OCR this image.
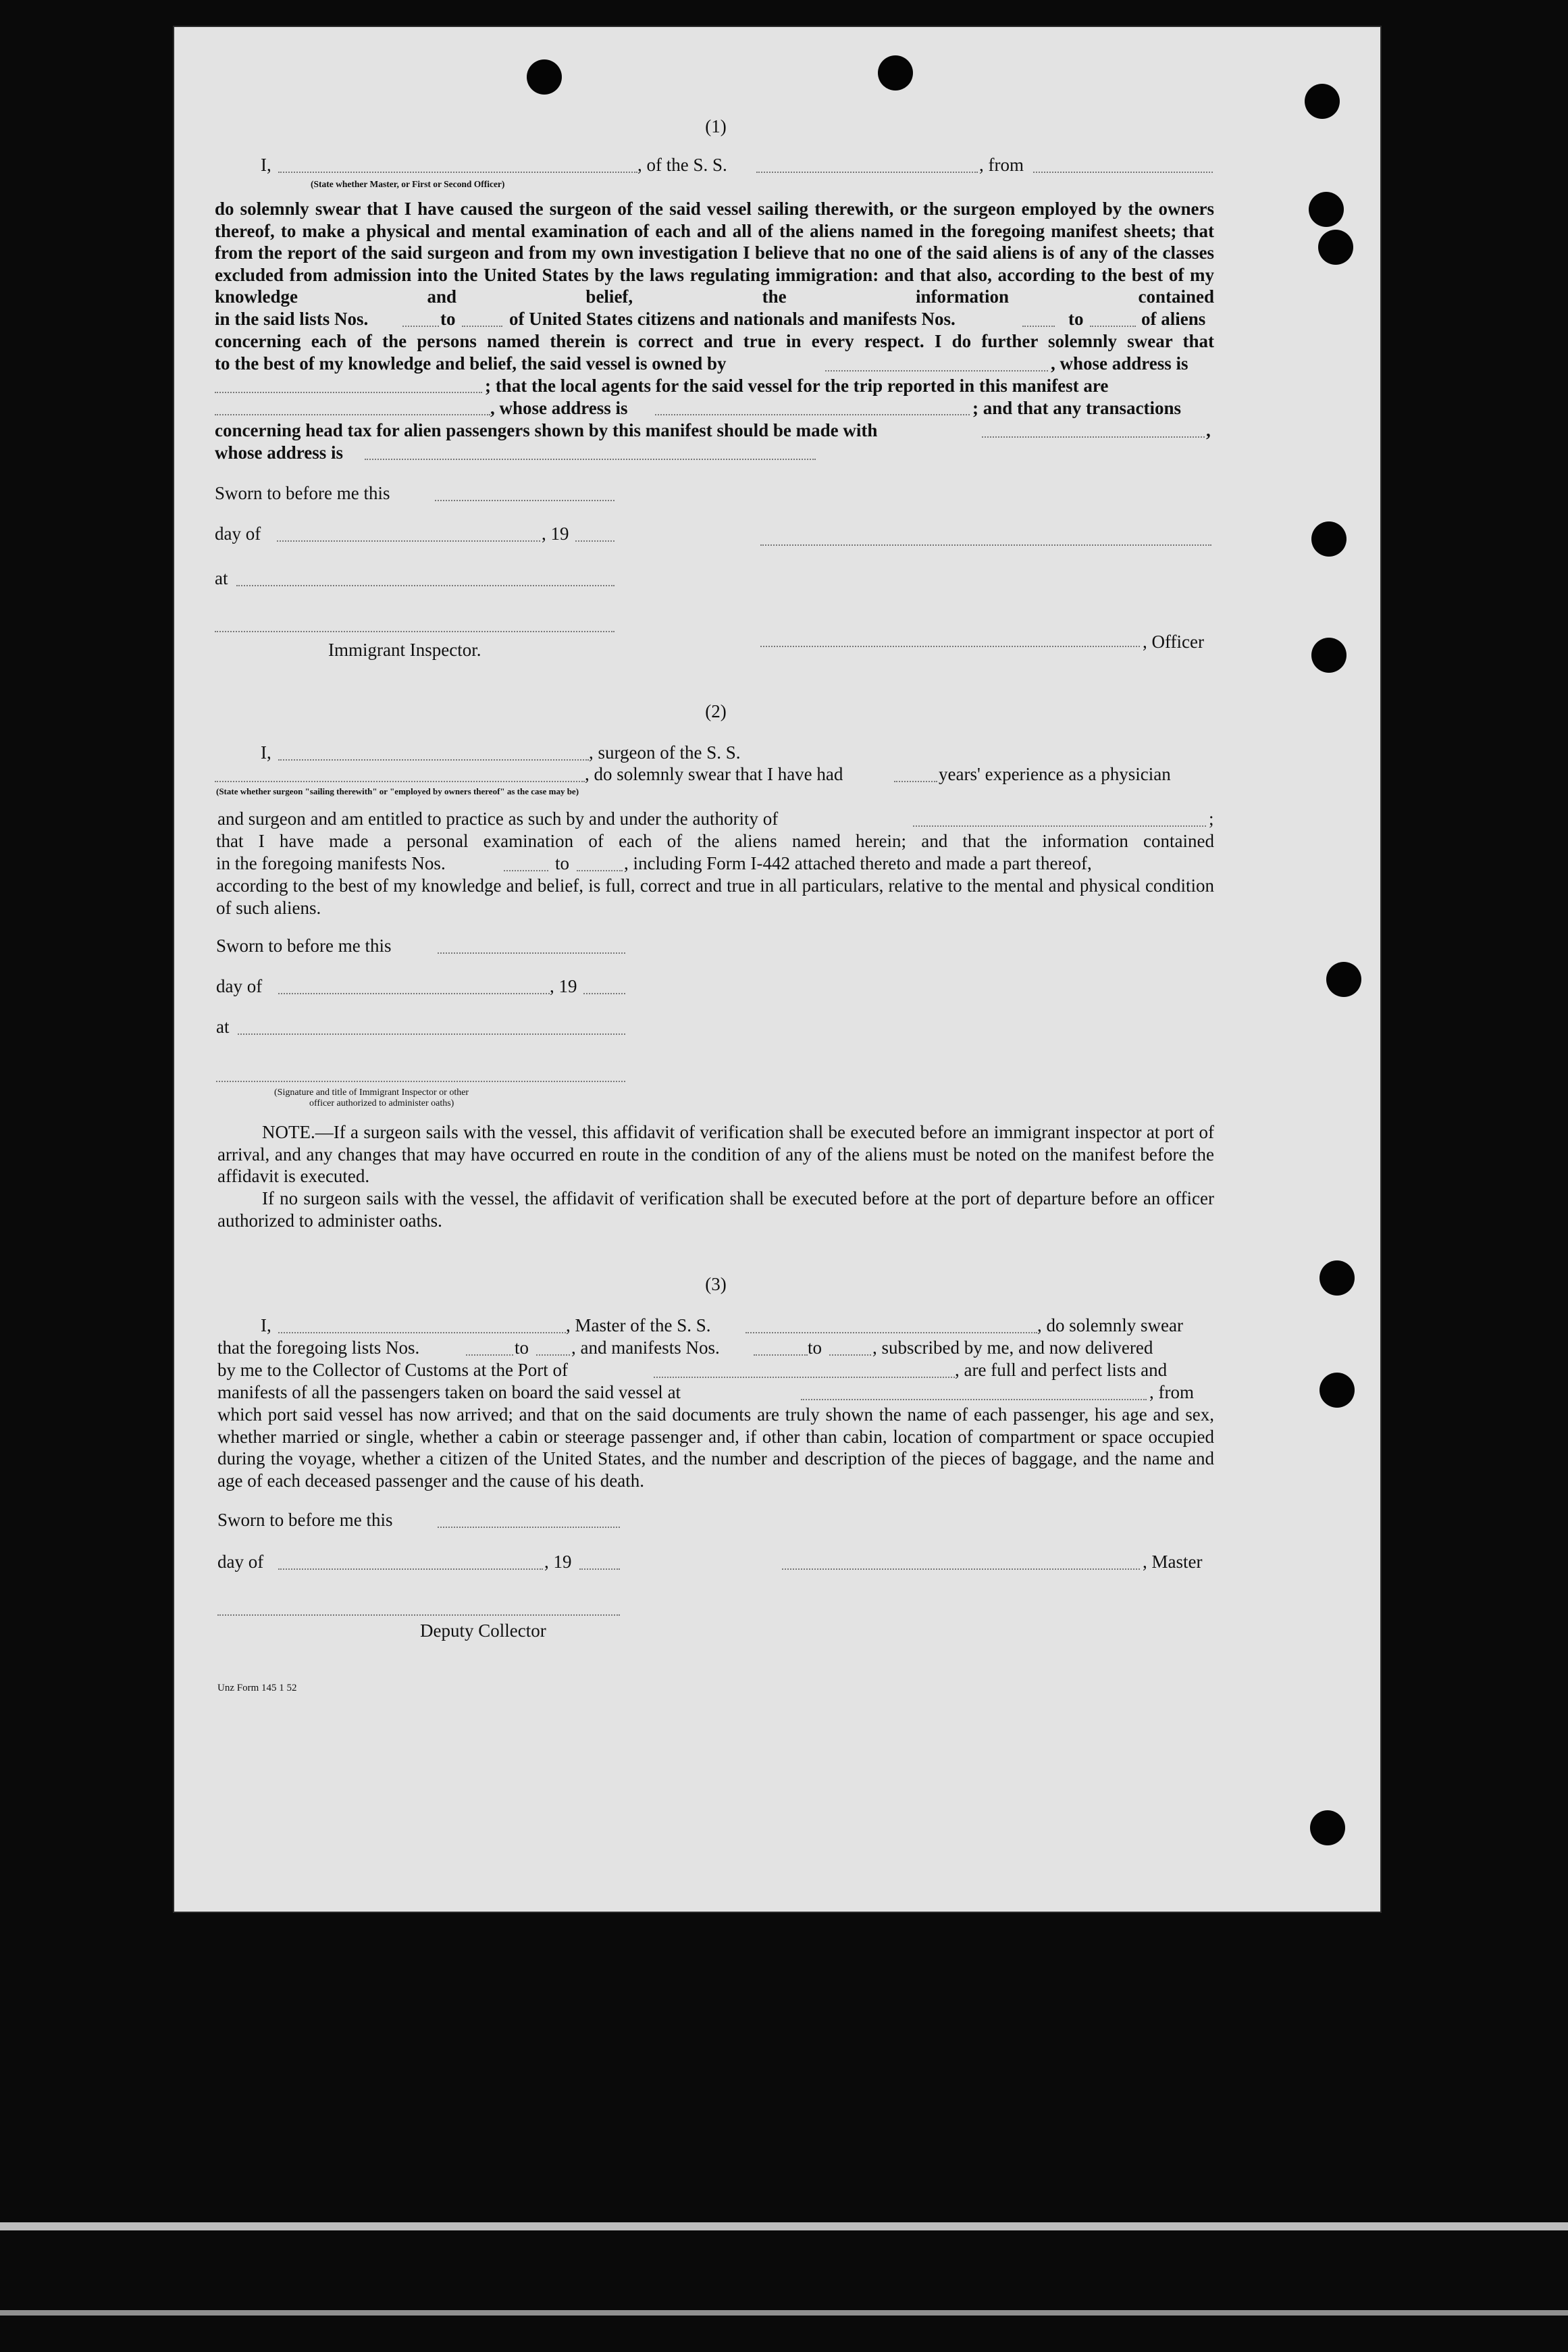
(1)
I,	, of the S. S.	, from
(State whether Master, or First or Second Officer)
do solemnly swear that I have caused the surgeon of the said vessel sailing therewith, or the surgeon employed by the owners thereof, to make a physical and mental examination of each and all of the aliens named in the foregoing manifest sheets; that from the report of the said surgeon and from my own investigation I believe that no one of the said aliens is of any of the classes excluded from admission into the United States by the laws regulating immigration: and that also, according to the best of my knowledge and belief, the information contained
in the said lists Nos.	to	of United States citizens and nationals and manifests Nos.	to	of aliens
concerning each of the persons named therein is correct and true in every respect. I do further solemnly swear that
to the best of my knowledge and belief, the said vessel is owned by	, whose address is
; that the local agents for the said vessel for the trip reported in this manifest are
, whose address is	; and that any transactions
concerning head tax for alien passengers shown by this manifest should be made with	,
whose address is
Sworn to before me this
day of	, 19
at
Immigrant Inspector.	, Officer
(2)
I,	, surgeon of the S. S.
, do solemnly swear that I have had	years' experience as a physician
(State whether surgeon "sailing therewith" or "employed by owners thereof" as the case may be)
and surgeon and am entitled to practice as such by and under the authority of	;
that I have made a personal examination of each of the aliens named herein; and that the information contained
in the foregoing manifests Nos.	to	, including Form I-442 attached thereto and made a part thereof,
according to the best of my knowledge and belief, is full, correct and true in all particulars, relative to the mental and physical condition of such aliens.
Sworn to before me this
day of	, 19
at
(Signature and title of Immigrant Inspector or other
officer authorized to administer oaths)
NOTE.—If a surgeon sails with the vessel, this affidavit of verification shall be executed before an immigrant inspector at port of arrival, and any changes that may have occurred en route in the condition of any of the aliens must be noted on the manifest before the affidavit is executed.
If no surgeon sails with the vessel, the affidavit of verification shall be executed before at the port of departure before an officer authorized to administer oaths.
(3)
I,	, Master of the S. S.	, do solemnly swear
that the foregoing lists Nos.	to , and manifests Nos.	to	, subscribed by me, and now delivered
by me to the Collector of Customs at the Port of	, are full and perfect lists and
manifests of all the passengers taken on board the said vessel at	, from
which port said vessel has now arrived; and that on the said documents are truly shown the name of each passenger, his age and sex, whether married or single, whether a cabin or steerage passenger and, if other than cabin, location of compartment or space occupied during the voyage, whether a citizen of the United States, and the number and description of the pieces of baggage, and the name and age of each deceased passenger and the cause of his death.
Sworn to before me this
day of	, 19	, Master
Deputy Collector
Unz Form 145 1 52
